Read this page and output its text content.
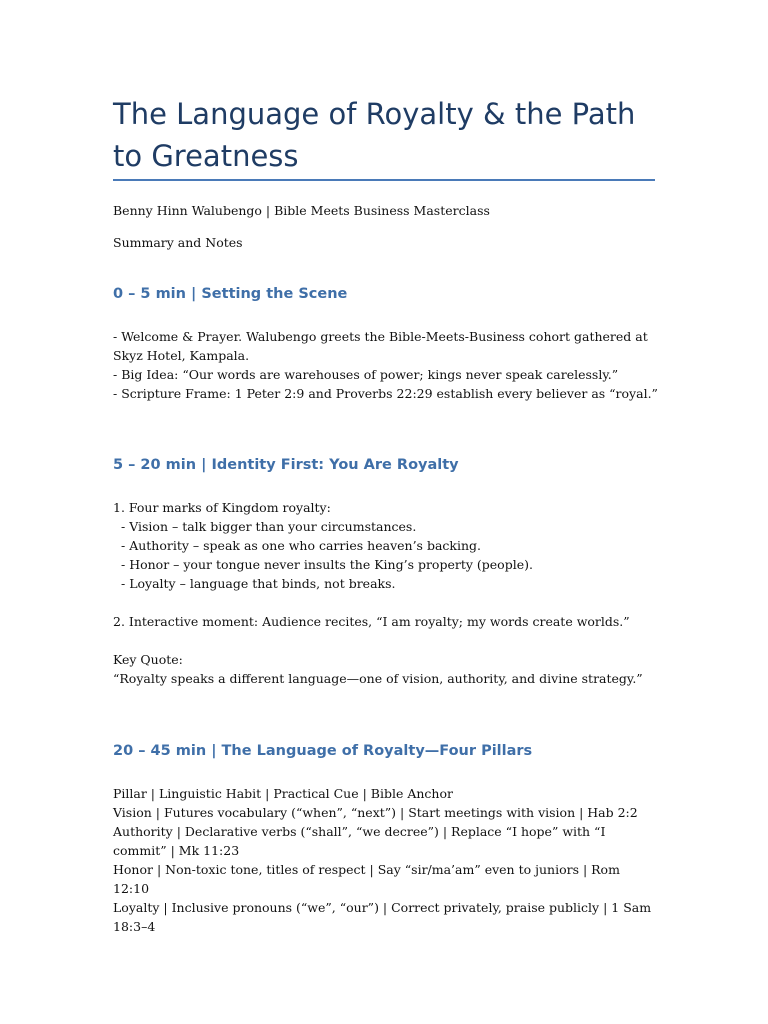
The Language of Royalty & the Path to Greatness

Benny Hinn Walubengo | Bible Meets Business Masterclass

Summary and Notes

0 – 5 min | Setting the Scene

- Welcome & Prayer. Walubengo greets the Bible-Meets-Business cohort gathered at Skyz Hotel, Kampala.

- Big Idea: “Our words are warehouses of power; kings never speak carelessly.”

- Scripture Frame: 1 Peter 2:9 and Proverbs 22:29 establish every believer as “royal.”

5 – 20 min | Identity First: You Are Royalty

1. Four marks of Kingdom royalty:

- Vision – talk bigger than your circumstances.

- Authority – speak as one who carries heaven’s backing.

- Honor – your tongue never insults the King’s property (people).

- Loyalty – language that binds, not breaks.

2. Interactive moment: Audience recites, “I am royalty; my words create worlds.”

Key Quote:

“Royalty speaks a different language—one of vision, authority, and divine strategy.”

20 – 45 min | The Language of Royalty—Four Pillars

Pillar | Linguistic Habit | Practical Cue | Bible Anchor

Vision | Futures vocabulary (“when”, “next”) | Start meetings with vision | Hab 2:2

Authority | Declarative verbs (“shall”, “we decree”) | Replace “I hope” with “I commit” | Mk 11:23

Honor | Non-toxic tone, titles of respect | Say “sir/ma’am” even to juniors | Rom 12:10

Loyalty | Inclusive pronouns (“we”, “our”) | Correct privately, praise publicly | 1 Sam 18:3–4
